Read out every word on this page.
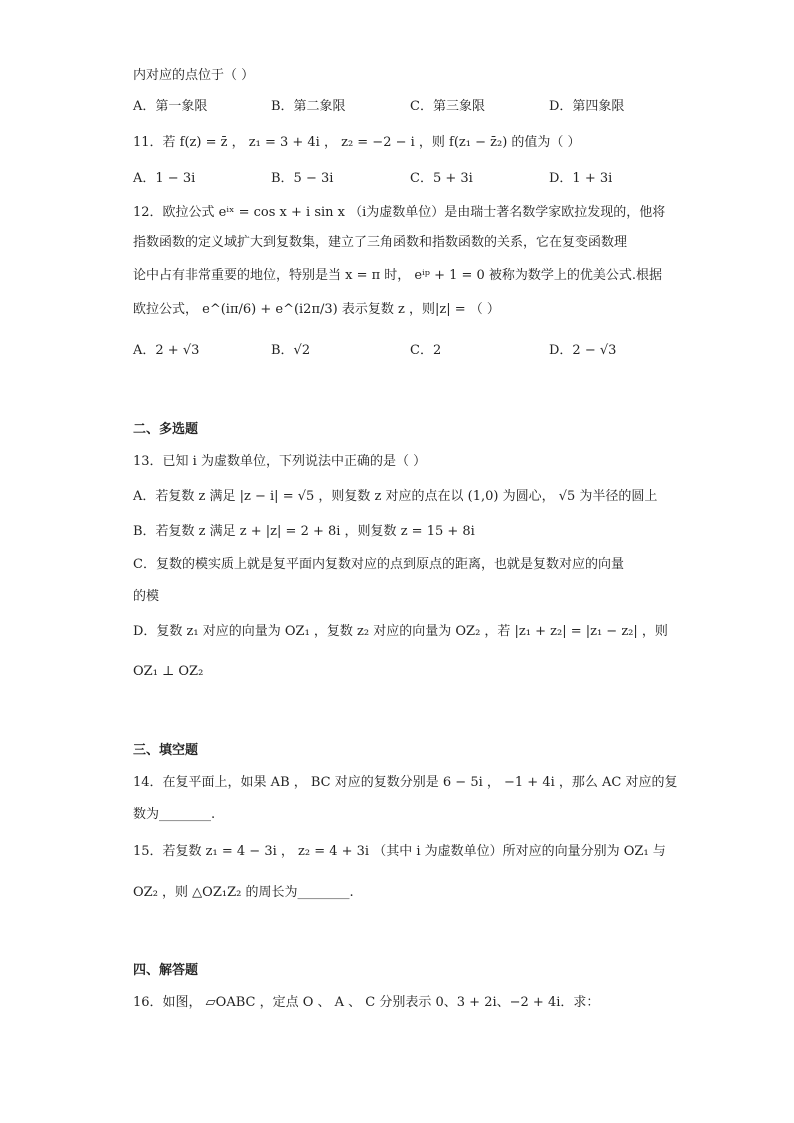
内对应的点位于（ ）
A．第一象限	B．第二象限	C．第三象限	D．第四象限
11．若 f(z) = z̄ ， z₁ = 3 + 4i ， z₂ = −2 − i ，则 f(z₁ − z̄₂) 的值为（ ）
A．1 − 3i	B．5 − 3i	C．5 + 3i	D．1 + 3i
12．欧拉公式 eⁱˣ = cos x + i sin x （i为虚数单位）是由瑞士著名数学家欧拉发现的，他将
指数函数的定义域扩大到复数集，建立了三角函数和指数函数的关系，它在复变函数理
论中占有非常重要的地位，特别是当 x = π 时， eⁱᵖ + 1 = 0 被称为数学上的优美公式.根据
欧拉公式， e^(iπ/6) + e^(i2π/3) 表示复数 z ，则|z| = （ ）
A．2 + √3	B．√2	C．2	D．2 − √3
二、多选题
13．已知 i 为虚数单位，下列说法中正确的是（ ）
A．若复数 z 满足 |z − i| = √5 ，则复数 z 对应的点在以 (1,0) 为圆心， √5 为半径的圆上
B．若复数 z 满足 z + |z| = 2 + 8i ，则复数 z = 15 + 8i
C．复数的模实质上就是复平面内复数对应的点到原点的距离，也就是复数对应的向量
的模
D．复数 z₁ 对应的向量为 OZ₁ ，复数 z₂ 对应的向量为 OZ₂ ，若 |z₁ + z₂| = |z₁ − z₂| ，则
OZ₁ ⊥ OZ₂
三、填空题
14．在复平面上，如果 AB ， BC 对应的复数分别是 6 − 5i ， −1 + 4i ，那么 AC 对应的复
数为________.
15．若复数 z₁ = 4 − 3i ， z₂ = 4 + 3i （其中 i 为虚数单位）所对应的向量分别为 OZ₁ 与
OZ₂ ，则 △OZ₁Z₂ 的周长为________.
四、解答题
16．如图， ▱OABC ，定点 O 、 A 、 C 分别表示 0、3 + 2i、−2 + 4i．求：
